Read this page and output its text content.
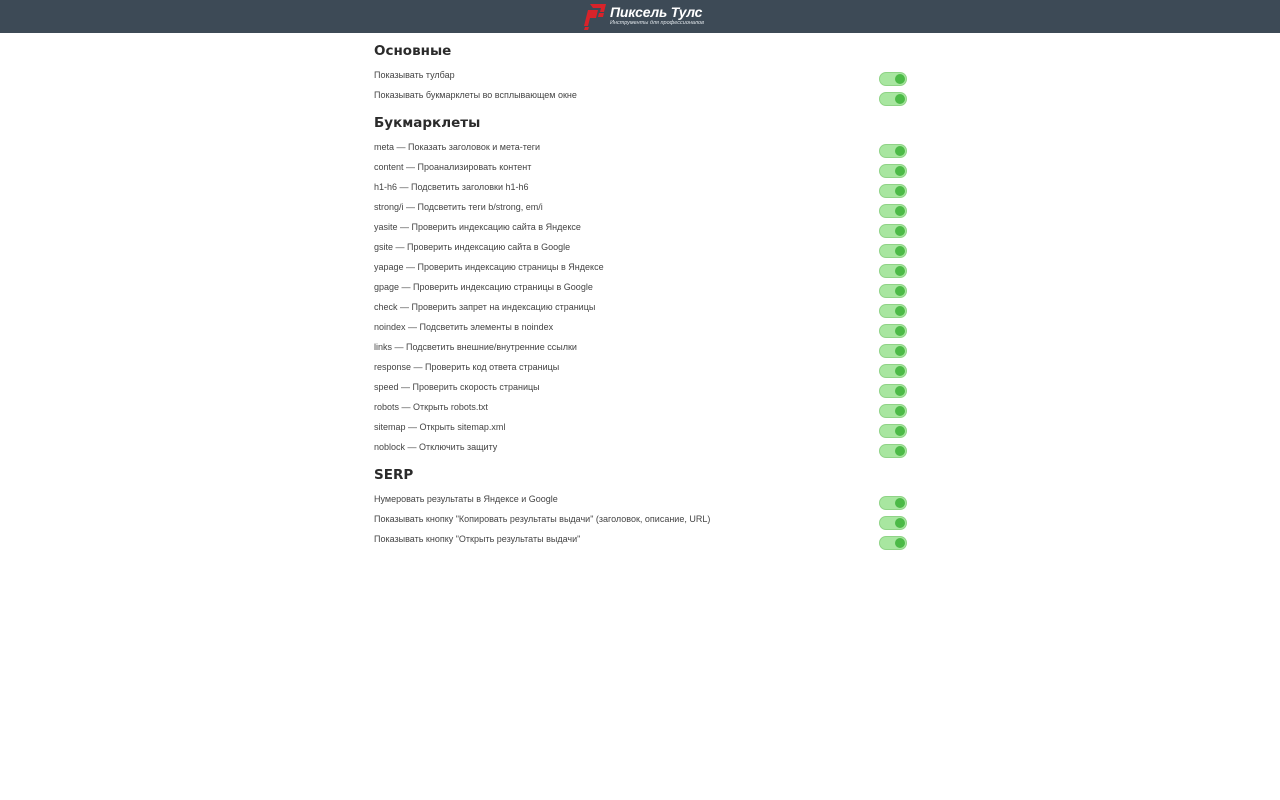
Пиксель Тулс
Инструменты для профессионалов
Основные
Показывать тулбар
Показывать букмарклеты во всплывающем окне
Букмарклеты
meta — Показать заголовок и мета-теги
content — Проанализировать контент
h1-h6 — Подсветить заголовки h1-h6
strong/i — Подсветить теги b/strong, em/i
yasite — Проверить индексацию сайта в Яндексе
gsite — Проверить индексацию сайта в Google
yapage — Проверить индексацию страницы в Яндексе
gpage — Проверить индексацию страницы в Google
check — Проверить запрет на индексацию страницы
noindex — Подсветить элементы в noindex
links — Подсветить внешние/внутренние ссылки
response — Проверить код ответа страницы
speed — Проверить скорость страницы
robots — Открыть robots.txt
sitemap — Открыть sitemap.xml
noblock — Отключить защиту
SERP
Нумеровать результаты в Яндексе и Google
Показывать кнопку "Копировать результаты выдачи" (заголовок, описание, URL)
Показывать кнопку "Открыть результаты выдачи"
